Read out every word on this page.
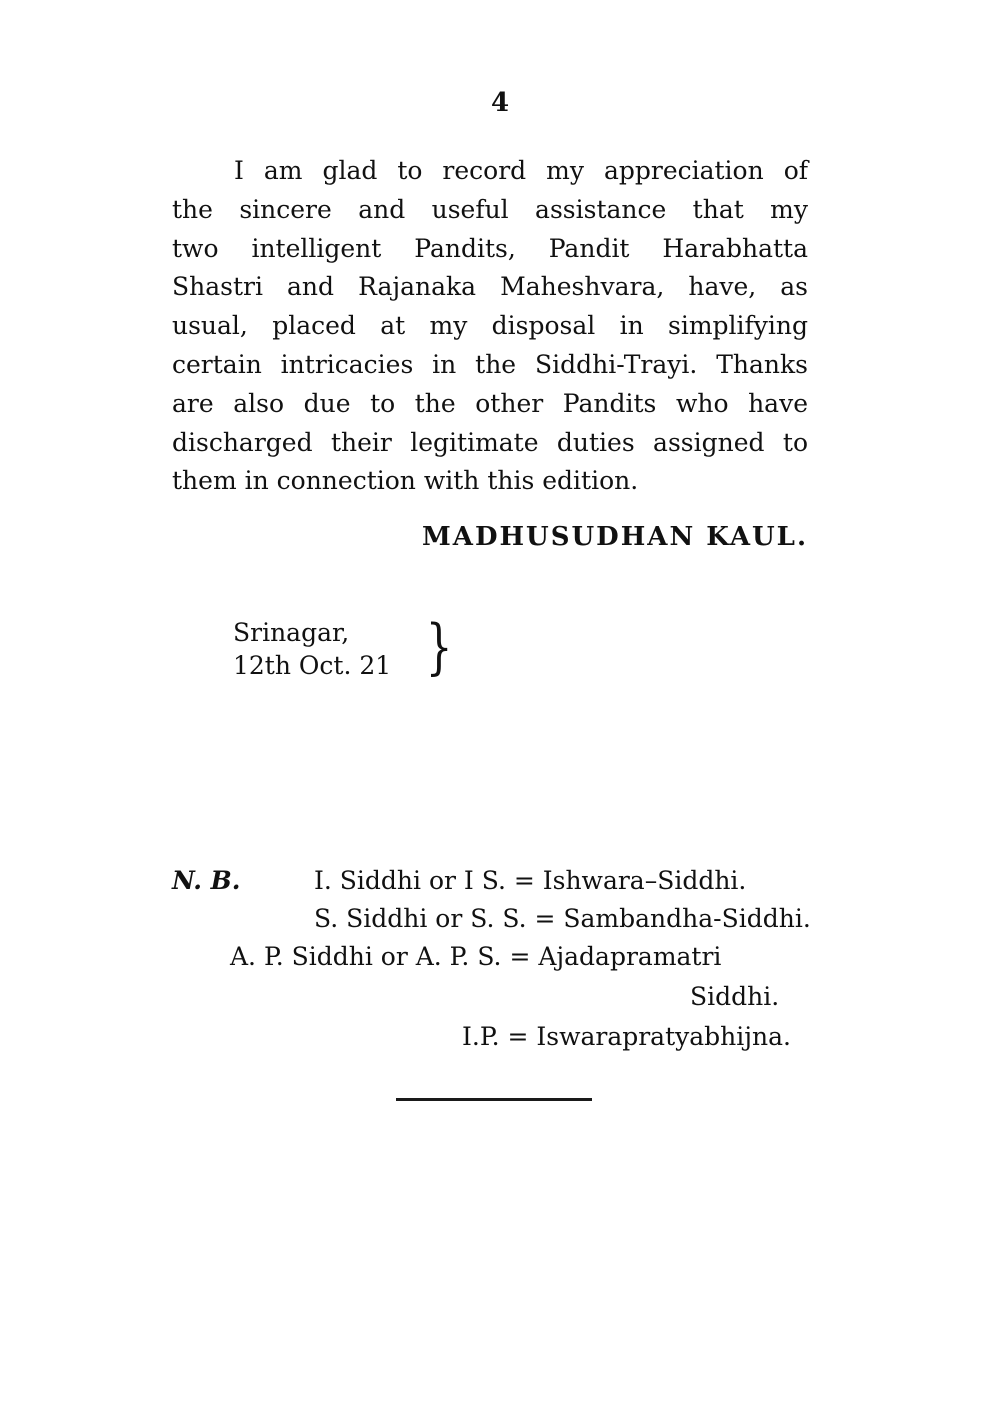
4
I am glad to record my appreciation of
the sincere and useful assistance that my
two intelligent Pandits, Pandit Harabhatta
Shastri and Rajanaka Maheshvara, have, as
usual, placed at my disposal in simplifying
certain intricacies in the Siddhi-Trayi. Thanks
are also due to the other Pandits who have
discharged their legitimate duties assigned to
them in connection with this edition.
MADHUSUDHAN KAUL.
Srinagar,
12th Oct. 21 }
N. B.	I. Siddhi or I S. = Ishwara–Siddhi.
S. Siddhi or S. S. = Sambandha-Siddhi.
A. P. Siddhi or A. P. S. = Ajadapramatri
Siddhi.
I.P. = Iswarapratyabhijna.
